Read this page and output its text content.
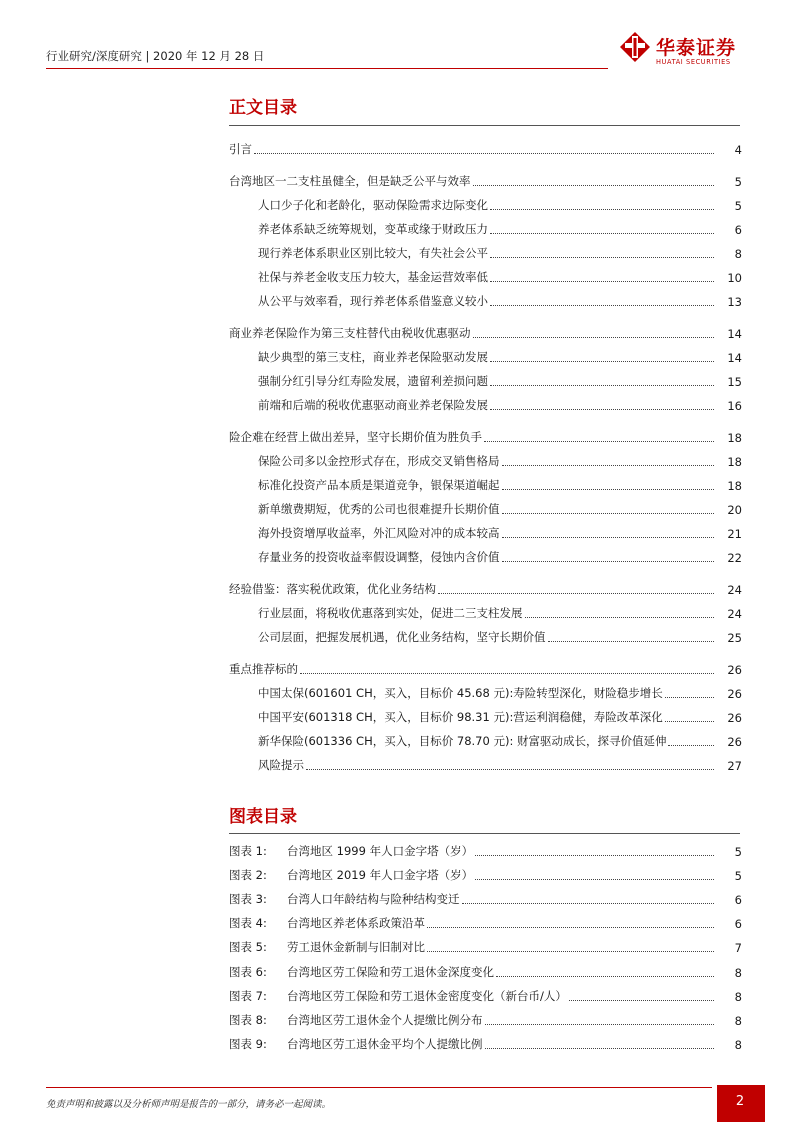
行业研究/深度研究 | 2020 年 12 月 28 日	华泰证券
HUATAI SECURITIES
正文目录
图表目录
引言	4
台湾地区一二支柱虽健全，但是缺乏公平与效率	5
人口少子化和老龄化，驱动保险需求边际变化	5
养老体系缺乏统筹规划，变革或缘于财政压力	6
现行养老体系职业区别比较大，有失社会公平	8
社保与养老金收支压力较大，基金运营效率低	10
从公平与效率看，现行养老体系借鉴意义较小	13
商业养老保险作为第三支柱替代由税收优惠驱动	14
缺少典型的第三支柱，商业养老保险驱动发展	14
强制分红引导分红寿险发展，遗留利差损问题	15
前端和后端的税收优惠驱动商业养老保险发展	16
险企难在经营上做出差异，坚守长期价值为胜负手	18
保险公司多以金控形式存在，形成交叉销售格局	18
标准化投资产品本质是渠道竞争，银保渠道崛起	18
新单缴费期短，优秀的公司也很难提升长期价值	20
海外投资增厚收益率，外汇风险对冲的成本较高	21
存量业务的投资收益率假设调整，侵蚀内含价值	22
经验借鉴：落实税优政策，优化业务结构	24
行业层面，将税收优惠落到实处，促进二三支柱发展	24
公司层面，把握发展机遇，优化业务结构，坚守长期价值	25
重点推荐标的	26
中国太保(601601 CH，买入，目标价 45.68 元):寿险转型深化，财险稳步增长	26
中国平安(601318 CH，买入，目标价 98.31 元):营运利润稳健，寿险改革深化	26
新华保险(601336 CH，买入，目标价 78.70 元): 财富驱动成长，探寻价值延伸	26
风险提示	27
图表 1:	台湾地区 1999 年人口金字塔（岁）	5
图表 2:	台湾地区 2019 年人口金字塔（岁）	5
图表 3:	台湾人口年龄结构与险种结构变迁	6
图表 4:	台湾地区养老体系政策沿革	6
图表 5:	劳工退休金新制与旧制对比	7
图表 6:	台湾地区劳工保险和劳工退休金深度变化	8
图表 7:	台湾地区劳工保险和劳工退休金密度变化（新台币/人）	8
图表 8:	台湾地区劳工退休金个人提缴比例分布	8
图表 9:	台湾地区劳工退休金平均个人提缴比例	8
免责声明和披露以及分析师声明是报告的一部分，请务必一起阅读。	2
